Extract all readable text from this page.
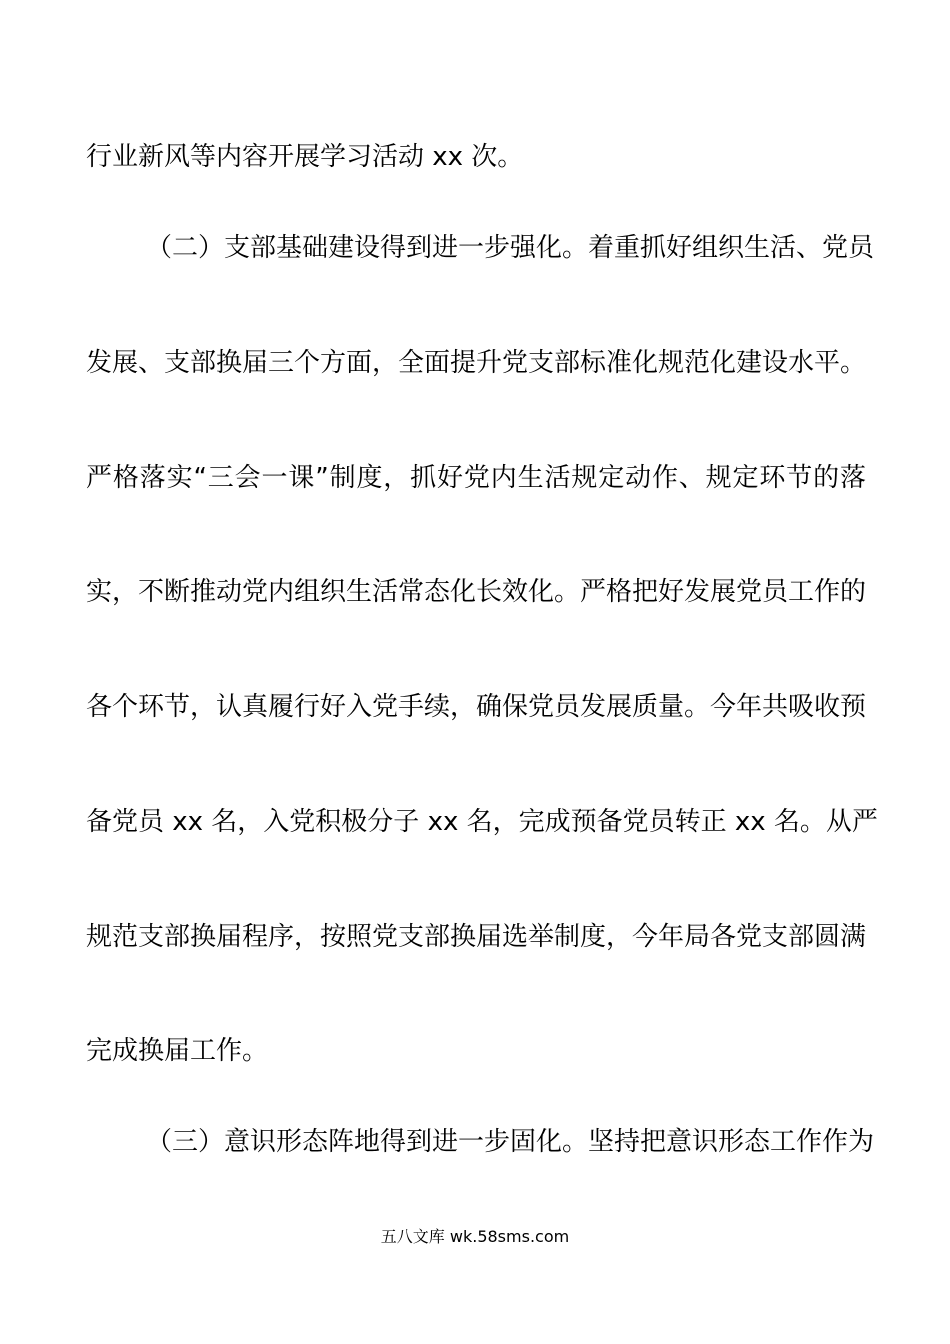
行业新风等内容开展学习活动 xx 次。
（二）支部基础建设得到进一步强化。着重抓好组织生活、党员
发展、支部换届三个方面，全面提升党支部标准化规范化建设水平。
严格落实“三会一课”制度，抓好党内生活规定动作、规定环节的落
实，不断推动党内组织生活常态化长效化。严格把好发展党员工作的
各个环节，认真履行好入党手续，确保党员发展质量。今年共吸收预
备党员 xx 名，入党积极分子 xx 名，完成预备党员转正 xx 名。从严
规范支部换届程序，按照党支部换届选举制度，今年局各党支部圆满
完成换届工作。
（三）意识形态阵地得到进一步固化。坚持把意识形态工作作为
五八文库 wk.58sms.com
